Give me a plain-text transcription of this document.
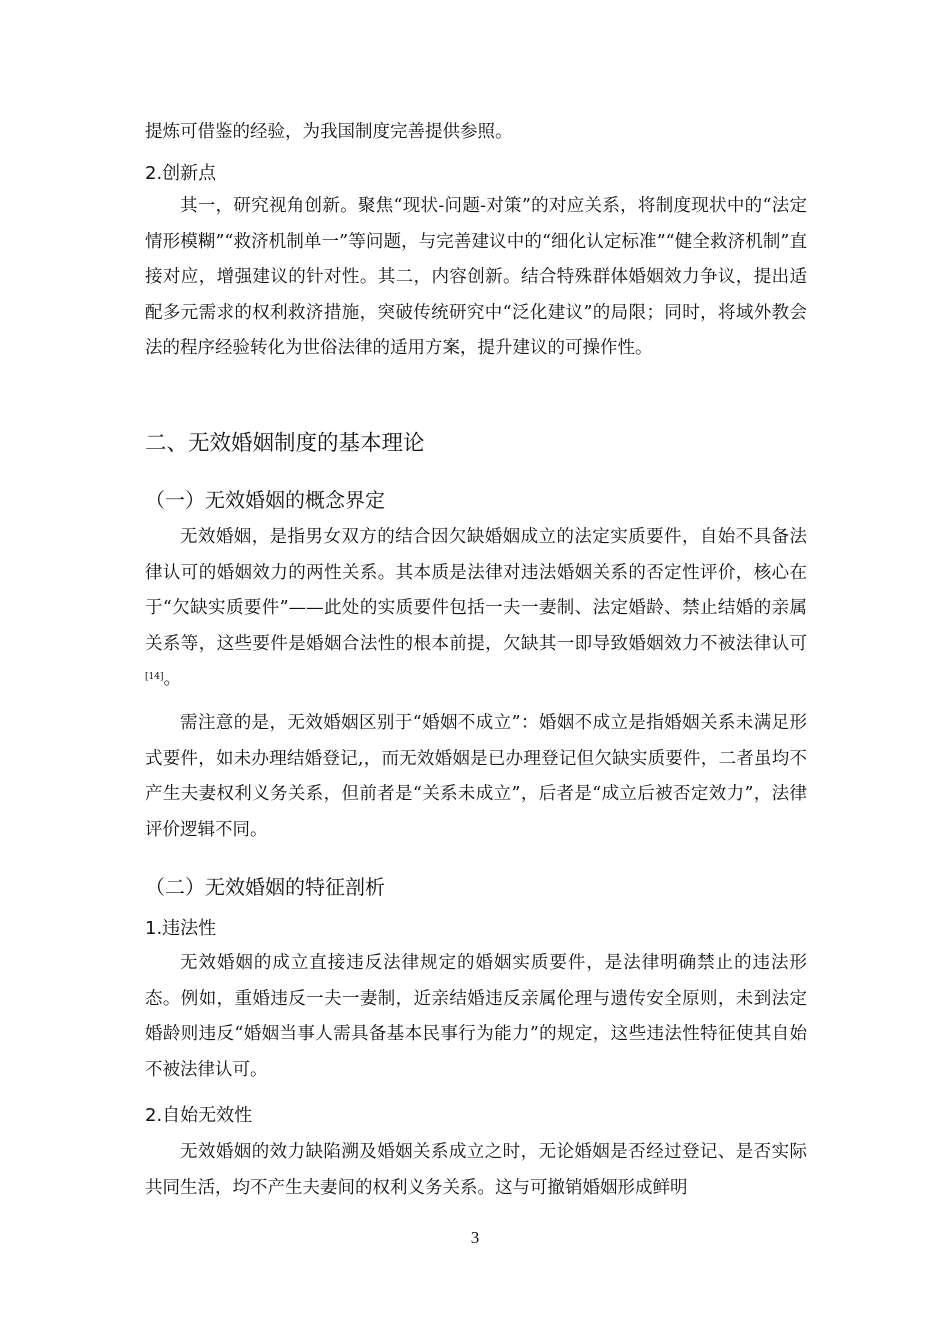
提炼可借鉴的经验，为我国制度完善提供参照。

2.创新点

其一，研究视角创新。聚焦“现状-问题-对策”的对应关系，将制度现状中的“法定情形模糊”“救济机制单一”等问题，与完善建议中的“细化认定标准”“健全救济机制”直接对应，增强建议的针对性。其二，内容创新。结合特殊群体婚姻效力争议，提出适配多元需求的权利救济措施，突破传统研究中“泛化建议”的局限；同时，将域外教会法的程序经验转化为世俗法律的适用方案，提升建议的可操作性。

二、无效婚姻制度的基本理论
（一）无效婚姻的概念界定

无效婚姻，是指男女双方的结合因欠缺婚姻成立的法定实质要件，自始不具备法律认可的婚姻效力的两性关系。其本质是法律对违法婚姻关系的否定性评价，核心在于“欠缺实质要件”——此处的实质要件包括一夫一妻制、法定婚龄、禁止结婚的亲属关系等，这些要件是婚姻合法性的根本前提，欠缺其一即导致婚姻效力不被法律认可[14]。

需注意的是，无效婚姻区别于“婚姻不成立”：婚姻不成立是指婚姻关系未满足形式要件，如未办理结婚登记,，而无效婚姻是已办理登记但欠缺实质要件，二者虽均不产生夫妻权利义务关系，但前者是“关系未成立”，后者是“成立后被否定效力”，法律评价逻辑不同。

（二）无效婚姻的特征剖析
1.违法性

无效婚姻的成立直接违反法律规定的婚姻实质要件，是法律明确禁止的违法形态。例如，重婚违反一夫一妻制，近亲结婚违反亲属伦理与遗传安全原则，未到法定婚龄则违反“婚姻当事人需具备基本民事行为能力”的规定，这些违法性特征使其自始不被法律认可。

2.自始无效性

无效婚姻的效力缺陷溯及婚姻关系成立之时，无论婚姻是否经过登记、是否实际共同生活，均不产生夫妻间的权利义务关系。这与可撤销婚姻形成鲜明

3
